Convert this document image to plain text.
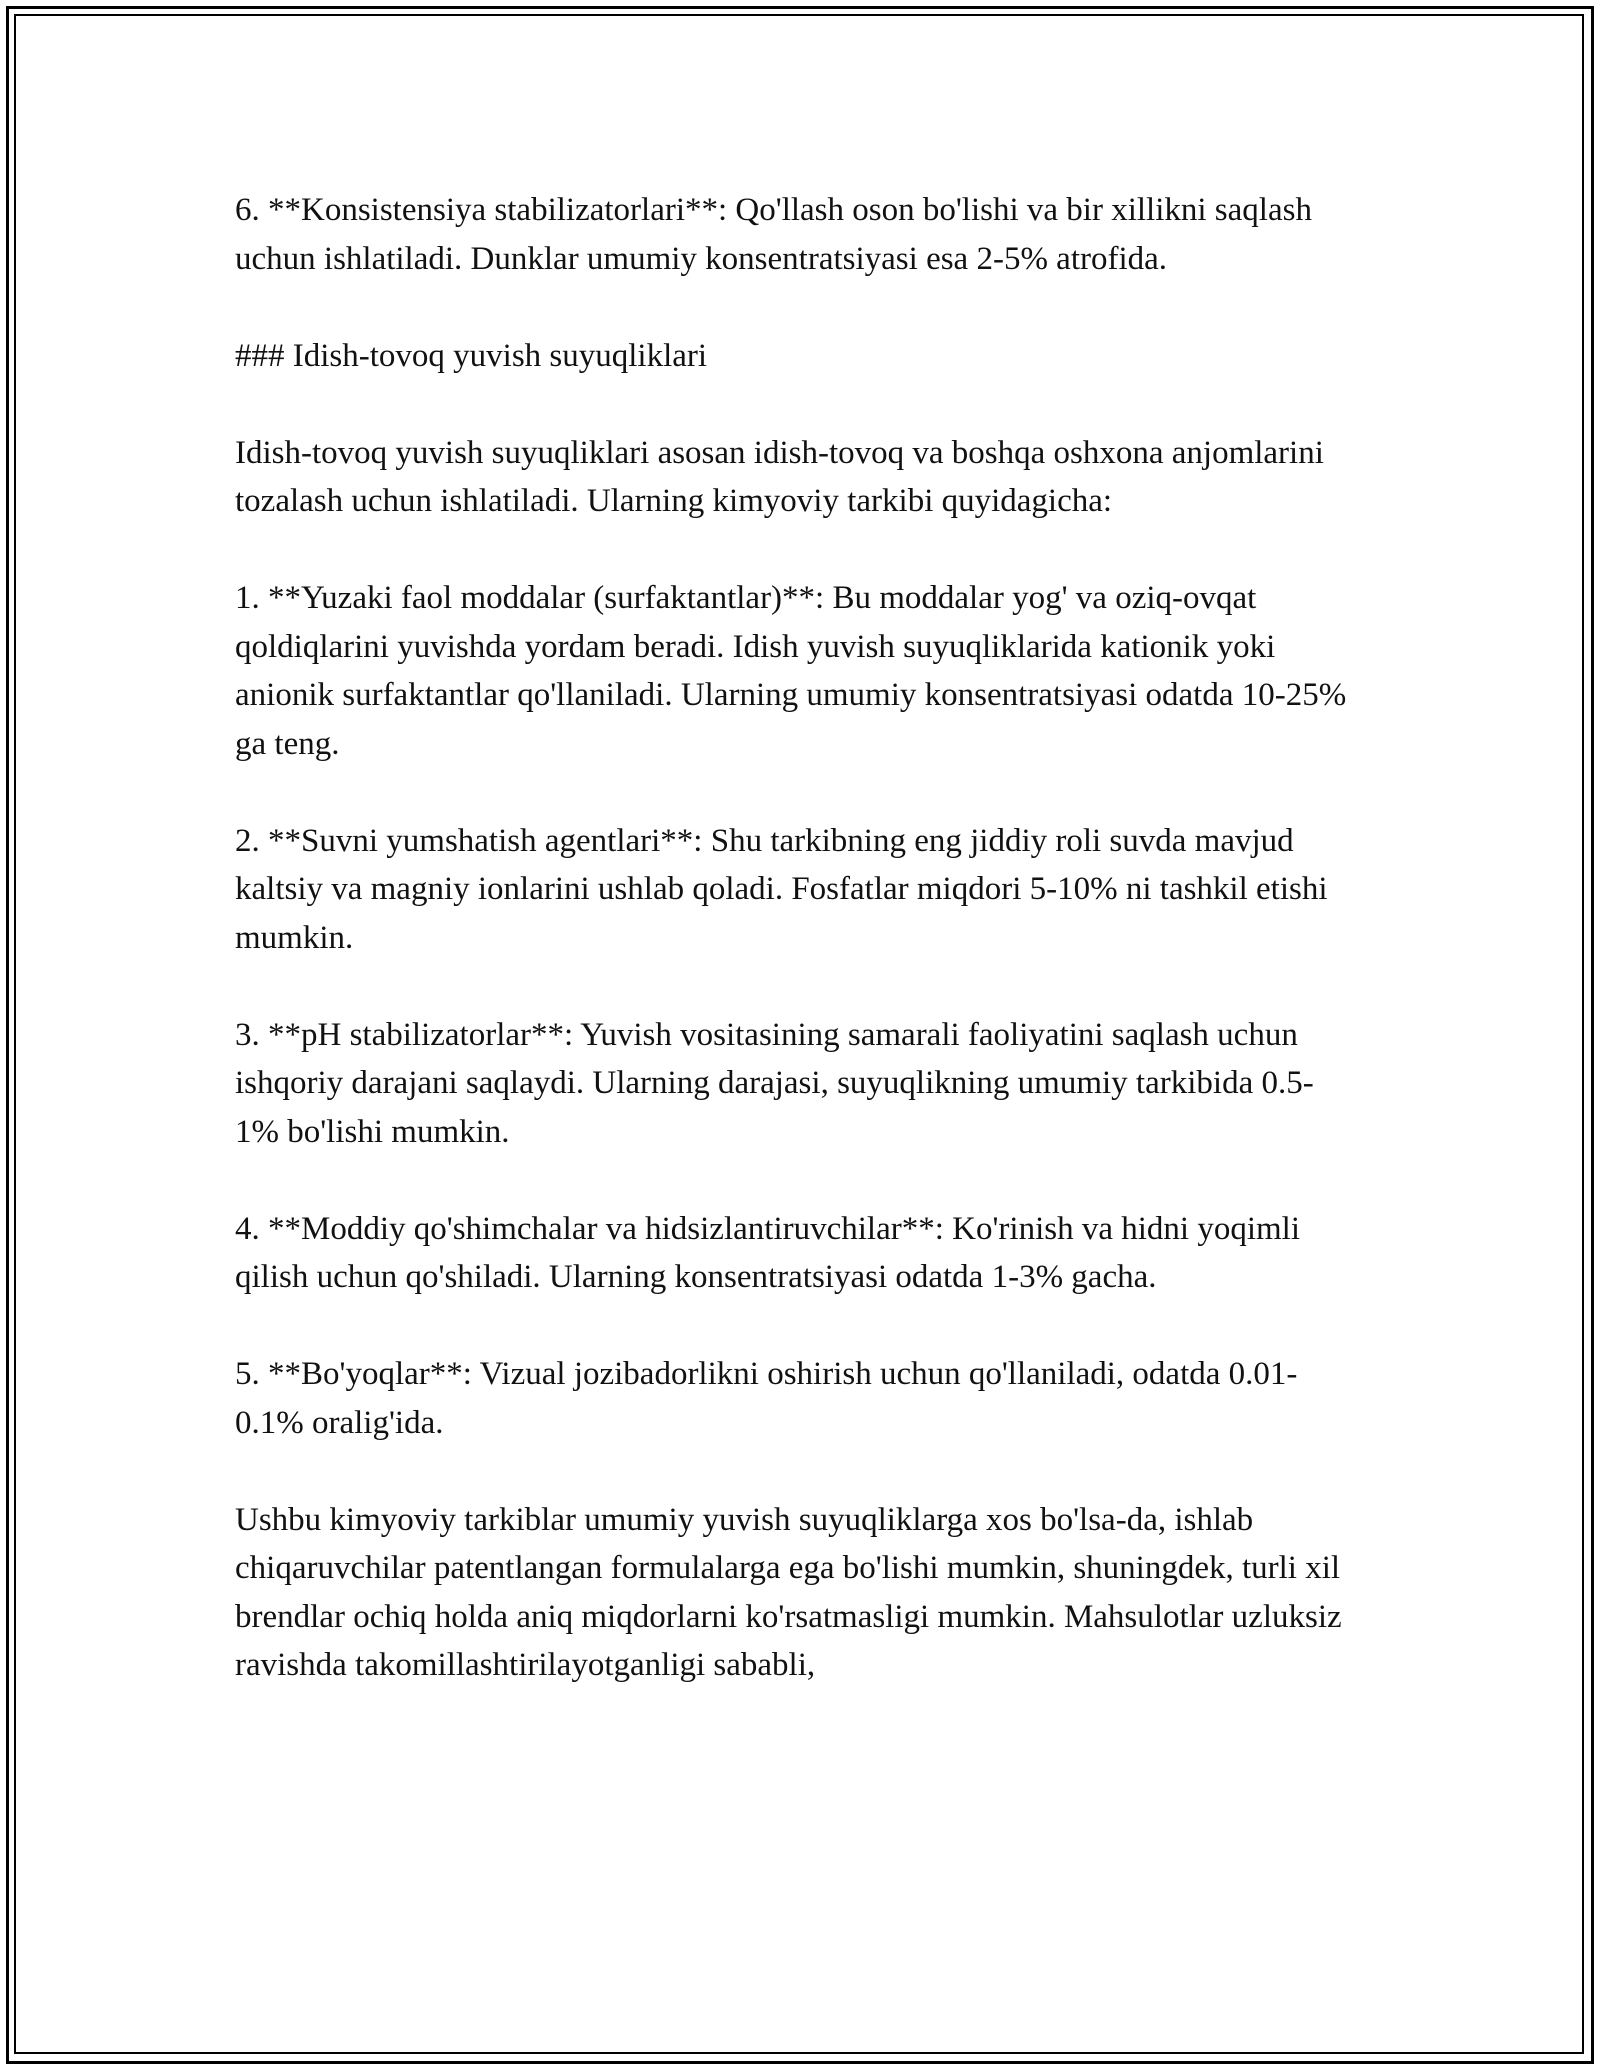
6. **Konsistensiya stabilizatorlari**: Qo'llash oson bo'lishi va bir xillikni saqlash uchun ishlatiladi. Dunklar umumiy konsentratsiyasi esa 2-5% atrofida.

### Idish-tovoq yuvish suyuqliklari

Idish-tovoq yuvish suyuqliklari asosan idish-tovoq va boshqa oshxona anjomlarini tozalash uchun ishlatiladi. Ularning kimyoviy tarkibi quyidagicha:

1. **Yuzaki faol moddalar (surfaktantlar)**: Bu moddalar yog' va oziq-ovqat qoldiqlarini yuvishda yordam beradi. Idish yuvish suyuqliklarida kationik yoki anionik surfaktantlar qo'llaniladi. Ularning umumiy konsentratsiyasi odatda 10-25% ga teng.

2. **Suvni yumshatish agentlari**: Shu tarkibning eng jiddiy roli suvda mavjud kaltsiy va magniy ionlarini ushlab qoladi. Fosfatlar miqdori 5-10% ni tashkil etishi mumkin.

3. **pH stabilizatorlar**: Yuvish vositasining samarali faoliyatini saqlash uchun ishqoriy darajani saqlaydi. Ularning darajasi, suyuqlikning umumiy tarkibida 0.5-1% bo'lishi mumkin.

4. **Moddiy qo'shimchalar va hidsizlantiruvchilar**: Ko'rinish va hidni yoqimli qilish uchun qo'shiladi. Ularning konsentratsiyasi odatda 1-3% gacha.

5. **Bo'yoqlar**: Vizual jozibadorlikni oshirish uchun qo'llaniladi, odatda 0.01-0.1% oralig'ida.

Ushbu kimyoviy tarkiblar umumiy yuvish suyuqliklarga xos bo'lsa-da, ishlab chiqaruvchilar patentlangan formulalarga ega bo'lishi mumkin, shuningdek, turli xil brendlar ochiq holda aniq miqdorlarni ko'rsatmasligi mumkin. Mahsulotlar uzluksiz ravishda takomillashtirilayotganligi sababli,
